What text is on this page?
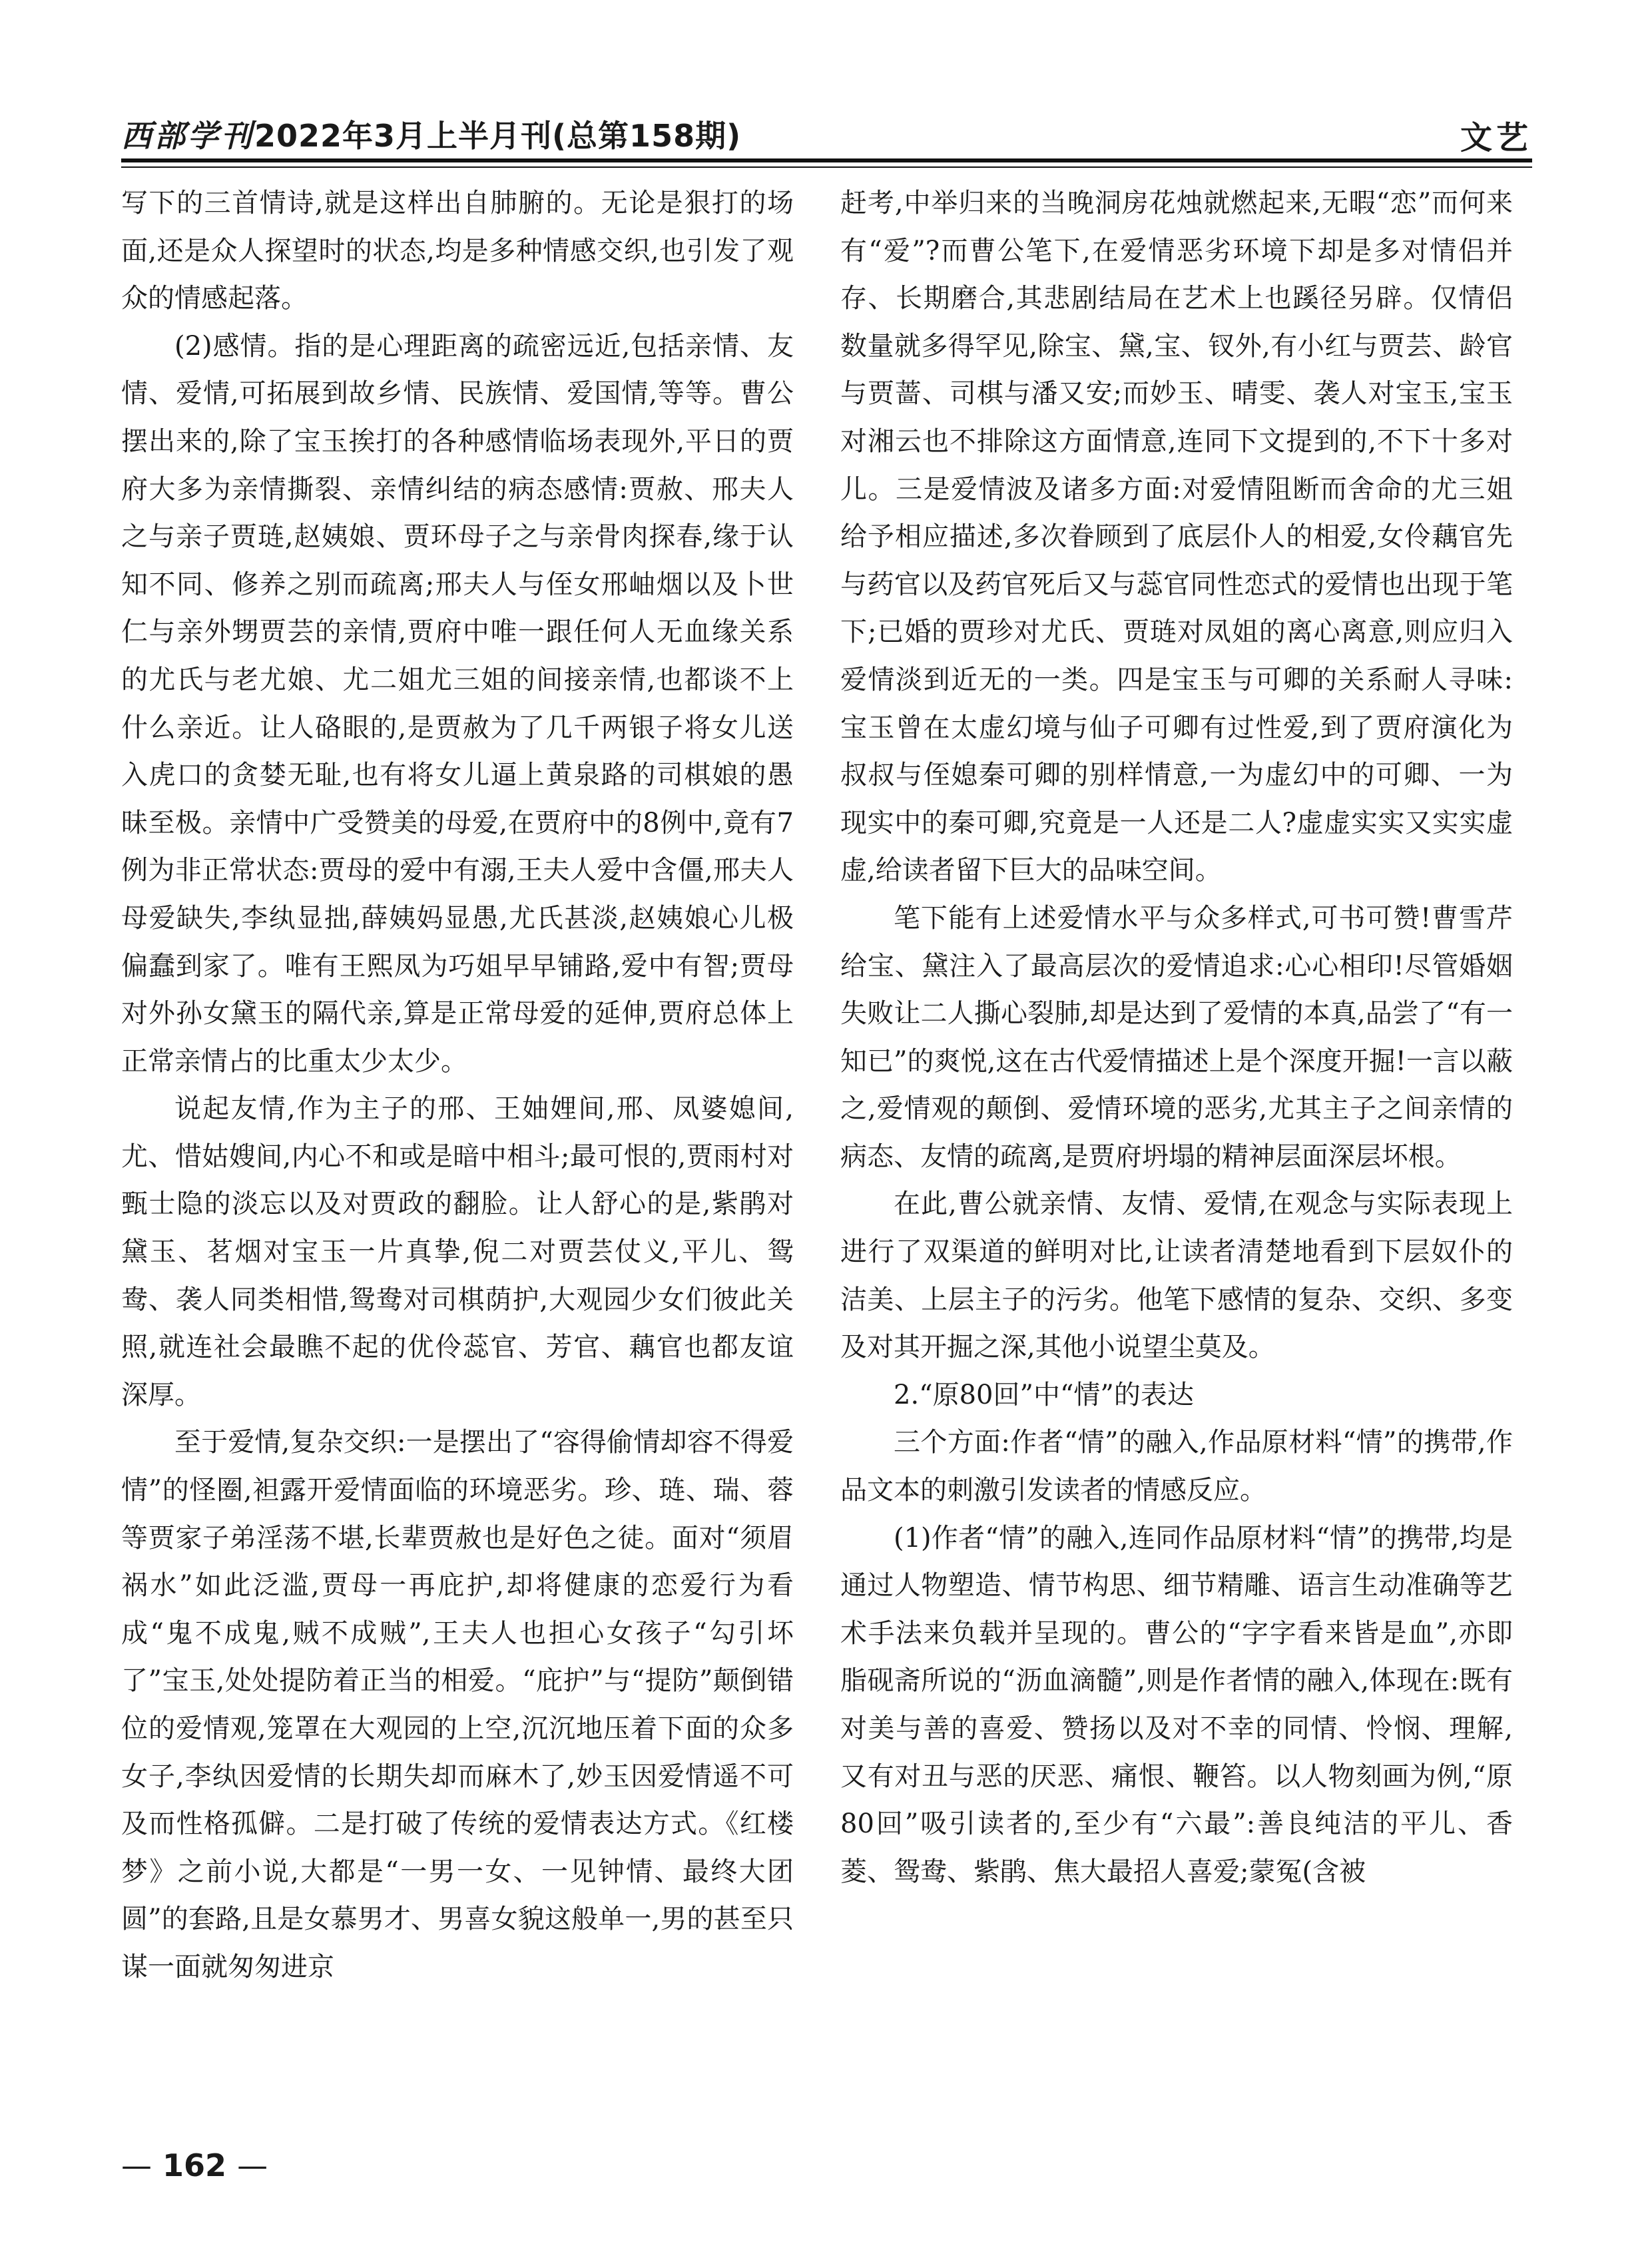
西部学刊2022年3月上半月刊(总第158期)	文艺

写下的三首情诗,就是这样出自肺腑的。无论是狠打的场面,还是众人探望时的状态,均是多种情感交织,也引发了观众的情感起落。

(2)感情。指的是心理距离的疏密远近,包括亲情、友情、爱情,可拓展到故乡情、民族情、爱国情,等等。曹公摆出来的,除了宝玉挨打的各种感情临场表现外,平日的贾府大多为亲情撕裂、亲情纠结的病态感情:贾赦、邢夫人之与亲子贾琏,赵姨娘、贾环母子之与亲骨肉探春,缘于认知不同、修养之别而疏离;邢夫人与侄女邢岫烟以及卜世仁与亲外甥贾芸的亲情,贾府中唯一跟任何人无血缘关系的尤氏与老尤娘、尤二姐尤三姐的间接亲情,也都谈不上什么亲近。让人硌眼的,是贾赦为了几千两银子将女儿送入虎口的贪婪无耻,也有将女儿逼上黄泉路的司棋娘的愚昧至极。亲情中广受赞美的母爱,在贾府中的8例中,竟有7例为非正常状态:贾母的爱中有溺,王夫人爱中含僵,邢夫人母爱缺失,李纨显拙,薛姨妈显愚,尤氏甚淡,赵姨娘心儿极偏蠢到家了。唯有王熙凤为巧姐早早铺路,爱中有智;贾母对外孙女黛玉的隔代亲,算是正常母爱的延伸,贾府总体上正常亲情占的比重太少太少。

说起友情,作为主子的邢、王妯娌间,邢、凤婆媳间,尤、惜姑嫂间,内心不和或是暗中相斗;最可恨的,贾雨村对甄士隐的淡忘以及对贾政的翻脸。让人舒心的是,紫鹃对黛玉、茗烟对宝玉一片真挚,倪二对贾芸仗义,平儿、鸳鸯、袭人同类相惜,鸳鸯对司棋荫护,大观园少女们彼此关照,就连社会最瞧不起的优伶蕊官、芳官、藕官也都友谊深厚。

至于爱情,复杂交织:一是摆出了“容得偷情却容不得爱情”的怪圈,袒露开爱情面临的环境恶劣。珍、琏、瑞、蓉等贾家子弟淫荡不堪,长辈贾赦也是好色之徒。面对“须眉祸水”如此泛滥,贾母一再庇护,却将健康的恋爱行为看成“鬼不成鬼,贼不成贼”,王夫人也担心女孩子“勾引坏了”宝玉,处处提防着正当的相爱。“庇护”与“提防”颠倒错位的爱情观,笼罩在大观园的上空,沉沉地压着下面的众多女子,李纨因爱情的长期失却而麻木了,妙玉因爱情遥不可及而性格孤僻。二是打破了传统的爱情表达方式。《红楼梦》之前小说,大都是“一男一女、一见钟情、最终大团圆”的套路,且是女慕男才、男喜女貌这般单一,男的甚至只谋一面就匆匆进京

赶考,中举归来的当晚洞房花烛就燃起来,无暇“恋”而何来有“爱”?而曹公笔下,在爱情恶劣环境下却是多对情侣并存、长期磨合,其悲剧结局在艺术上也蹊径另辟。仅情侣数量就多得罕见,除宝、黛,宝、钗外,有小红与贾芸、龄官与贾蔷、司棋与潘又安;而妙玉、晴雯、袭人对宝玉,宝玉对湘云也不排除这方面情意,连同下文提到的,不下十多对儿。三是爱情波及诸多方面:对爱情阻断而舍命的尤三姐给予相应描述,多次眷顾到了底层仆人的相爱,女伶藕官先与药官以及药官死后又与蕊官同性恋式的爱情也出现于笔下;已婚的贾珍对尤氏、贾琏对凤姐的离心离意,则应归入爱情淡到近无的一类。四是宝玉与可卿的关系耐人寻味:宝玉曾在太虚幻境与仙子可卿有过性爱,到了贾府演化为叔叔与侄媳秦可卿的别样情意,一为虚幻中的可卿、一为现实中的秦可卿,究竟是一人还是二人?虚虚实实又实实虚虚,给读者留下巨大的品味空间。

笔下能有上述爱情水平与众多样式,可书可赞!曹雪芹给宝、黛注入了最高层次的爱情追求:心心相印!尽管婚姻失败让二人撕心裂肺,却是达到了爱情的本真,品尝了“有一知已”的爽悦,这在古代爱情描述上是个深度开掘!一言以蔽之,爱情观的颠倒、爱情环境的恶劣,尤其主子之间亲情的病态、友情的疏离,是贾府坍塌的精神层面深层坏根。

在此,曹公就亲情、友情、爱情,在观念与实际表现上进行了双渠道的鲜明对比,让读者清楚地看到下层奴仆的洁美、上层主子的污劣。他笔下感情的复杂、交织、多变及对其开掘之深,其他小说望尘莫及。

2.“原80回”中“情”的表达

三个方面:作者“情”的融入,作品原材料“情”的携带,作品文本的刺激引发读者的情感反应。

(1)作者“情”的融入,连同作品原材料“情”的携带,均是通过人物塑造、情节构思、细节精雕、语言生动准确等艺术手法来负载并呈现的。曹公的“字字看来皆是血”,亦即脂砚斋所说的“沥血滴髓”,则是作者情的融入,体现在:既有对美与善的喜爱、赞扬以及对不幸的同情、怜悯、理解,又有对丑与恶的厌恶、痛恨、鞭笞。以人物刻画为例,“原80回”吸引读者的,至少有“六最”:善良纯洁的平儿、香菱、鸳鸯、紫鹃、焦大最招人喜爱;蒙冤(含被

— 162 —
